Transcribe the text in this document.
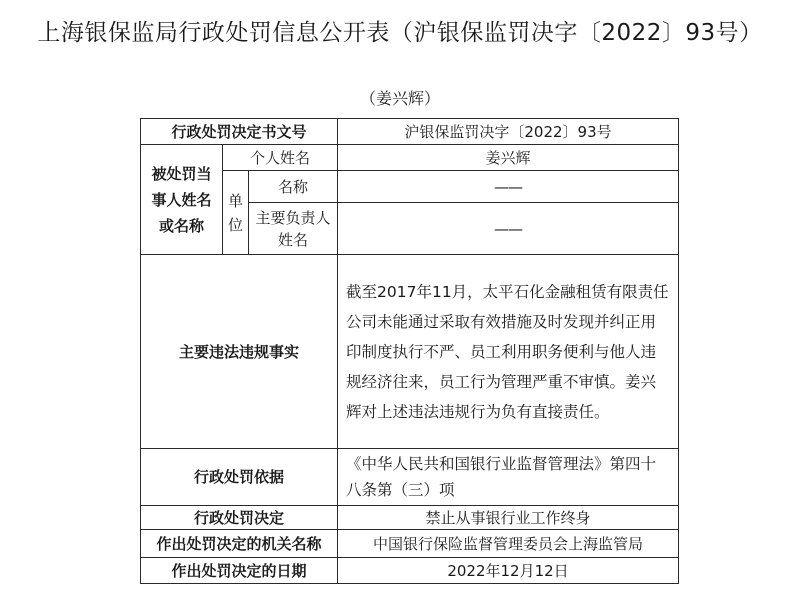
上海银保监局行政处罚信息公开表（沪银保监罚决字〔2022〕93号）
（姜兴辉）
行政处罚决定书文号			沪银保监罚决字〔2022〕93号
被处罚当事人姓名或名称	个人姓名		姜兴辉
	单位	名称	——
		主要负责人姓名	——
主要违法违规事实			截至2017年11月，太平石化金融租赁有限责任公司未能通过采取有效措施及时发现并纠正用印制度执行不严、员工利用职务便利与他人违规经济往来，员工行为管理严重不审慎。姜兴辉对上述违法违规行为负有直接责任。
行政处罚依据			《中华人民共和国银行业监督管理法》第四十八条第（三）项
行政处罚决定			禁止从事银行业工作终身
作出处罚决定的机关名称			中国银行保险监督管理委员会上海监管局
作出处罚决定的日期			2022年12月12日
